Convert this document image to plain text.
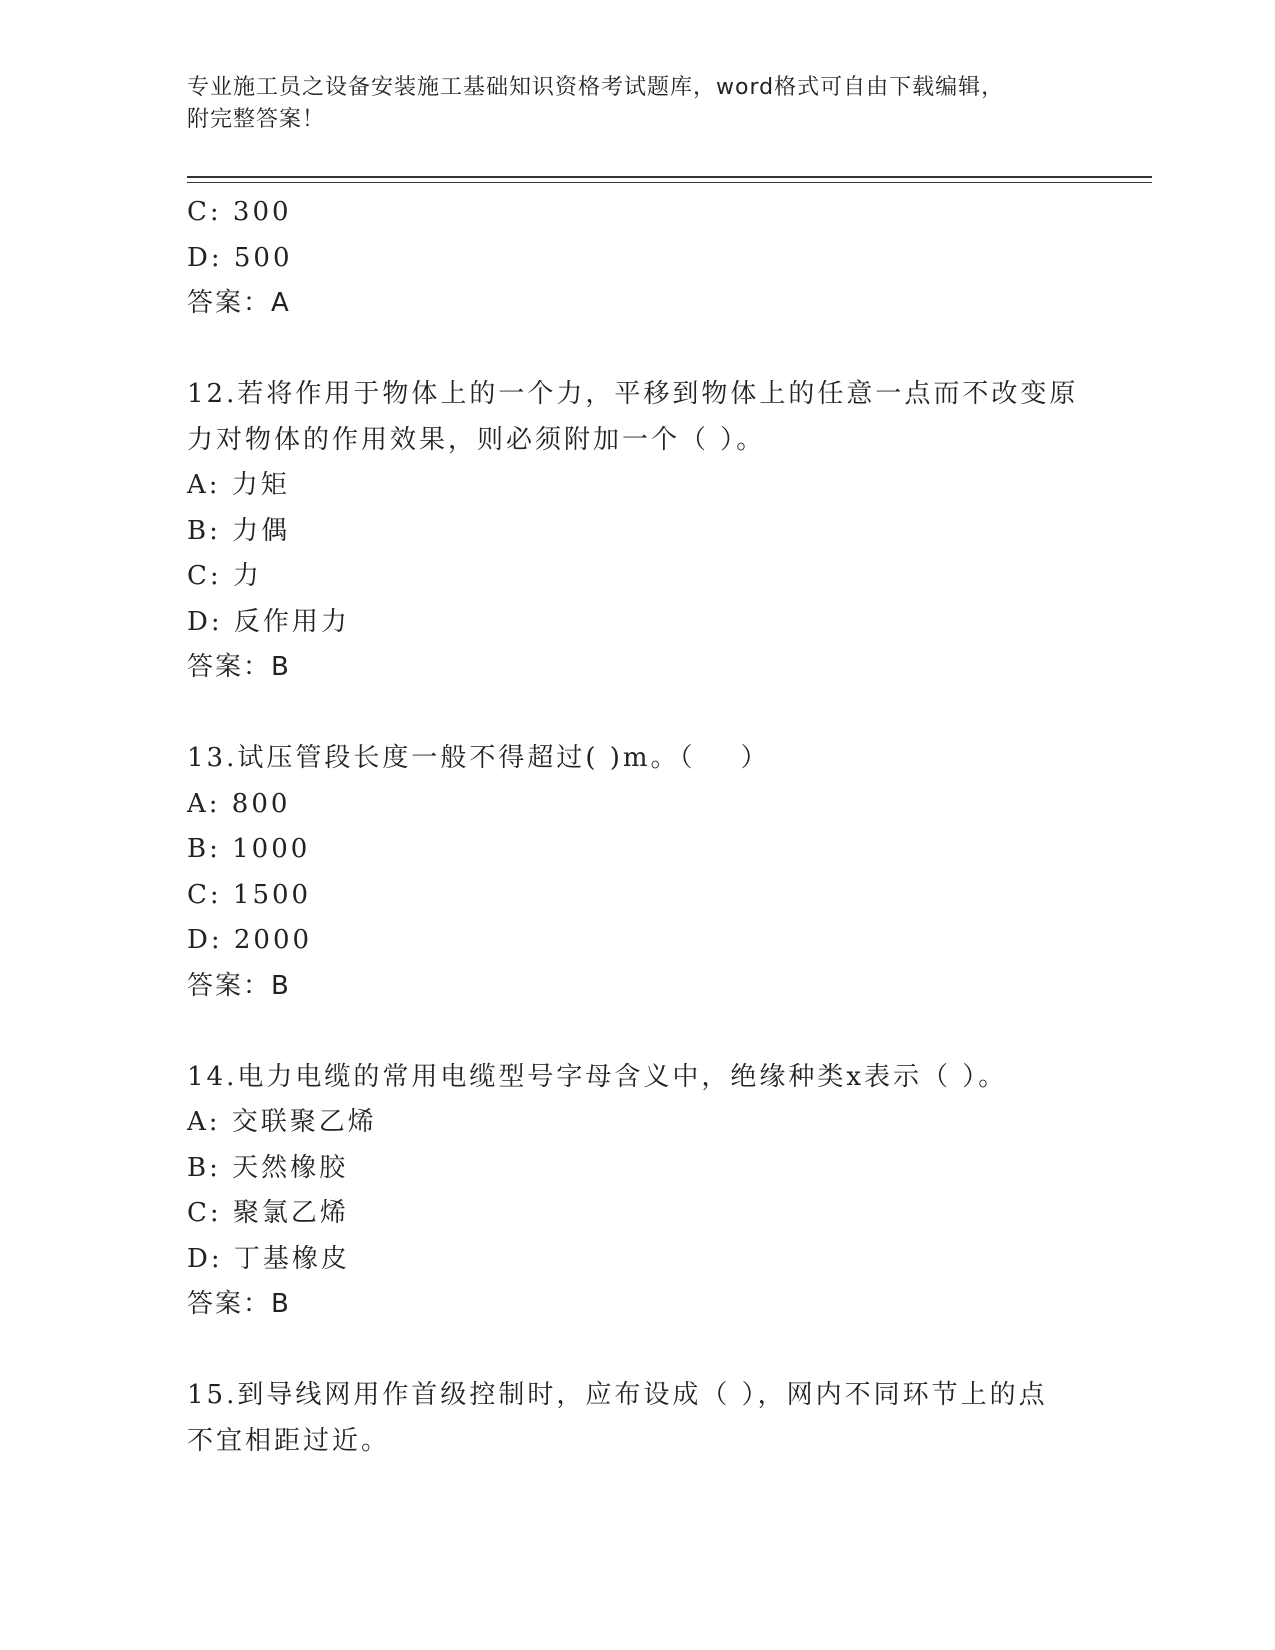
专业施工员之设备安装施工基础知识资格考试题库，word格式可自由下载编辑，
附完整答案！
C: 300
D: 500
答案：A
12.若将作用于物体上的一个力，平移到物体上的任意一点而不改变原
力对物体的作用效果，则必须附加一个（ ）。
A: 力矩
B: 力偶
C: 力
D: 反作用力
答案：B
13.试压管段长度一般不得超过( )m。（    ）
A: 800
B: 1000
C: 1500
D: 2000
答案：B
14.电力电缆的常用电缆型号字母含义中，绝缘种类x表示（ ）。
A: 交联聚乙烯
B: 天然橡胶
C: 聚氯乙烯
D: 丁基橡皮
答案：B
15.到导线网用作首级控制时，应布设成（ ），网内不同环节上的点
不宜相距过近。
